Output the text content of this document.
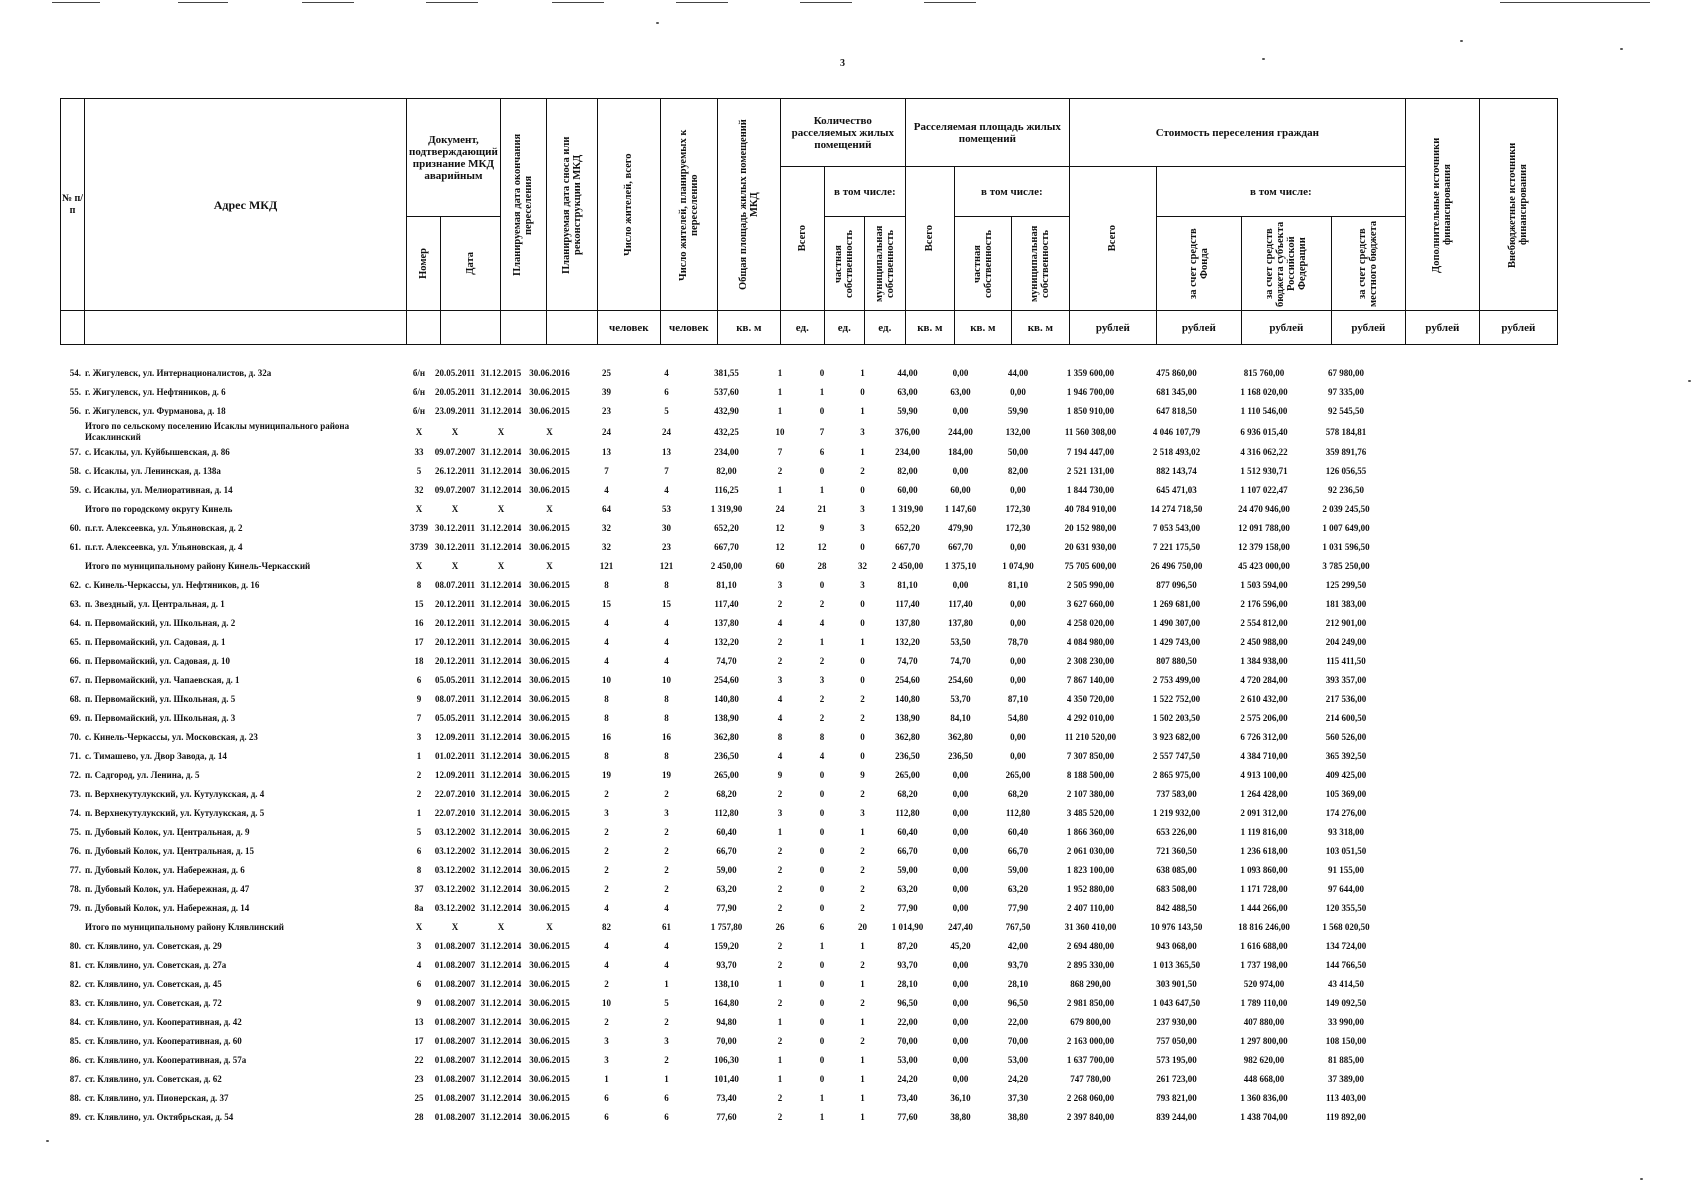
3
№ п/п	Адрес МКД	Документ, подтверждающий признание МКД аварийным		Планируемая дата окончания переселения	Планируемая дата сноса или реконструкции МКД	Число жителей, всего	Число жителей, планируемых к переселению	Общая площадь жилых помещений МКД	Количество расселяемых жилых помещений			Расселяемая площадь жилых помещений			Стоимость переселения граждан				Дополнительные источники финансирования	Внебюджетные источники финансирования

									Всего	в том числе:		Всего	в том числе:		Всего	в том числе:				

		Номер	Дата							частная собственность	муниципальная собственность		частная собственность	муниципальная собственность		за счет средств Фонда	за счет средств бюджета субъекта Российской Федерации	за счет средств местного бюджета		

						человек	человек	кв. м	ед.	ед.	ед.	кв. м	кв. м	кв. м	рублей	рублей	рублей	рублей	рублей	рублей
54.	г. Жигулевск, ул. Интернационалистов, д. 32а	б/н	20.05.2011	31.12.2015	30.06.2016	25	4	381,55	1	0	1	44,00	0,00	44,00	1 359 600,00	475 860,00	815 760,00	67 980,00		
55.	г. Жигулевск, ул. Нефтяников, д. 6	б/н	20.05.2011	31.12.2014	30.06.2015	39	6	537,60	1	1	0	63,00	63,00	0,00	1 946 700,00	681 345,00	1 168 020,00	97 335,00		
56.	г. Жигулевск, ул. Фурманова, д. 18	б/н	23.09.2011	31.12.2014	30.06.2015	23	5	432,90	1	0	1	59,90	0,00	59,90	1 850 910,00	647 818,50	1 110 546,00	92 545,50		
	Итого по сельскому поселению Исаклы муниципального района Исаклинский	X	X	X	X	24	24	432,25	10	7	3	376,00	244,00	132,00	11 560 308,00	4 046 107,79	6 936 015,40	578 184,81		
57.	с. Исаклы, ул. Куйбышевская, д. 86	33	09.07.2007	31.12.2014	30.06.2015	13	13	234,00	7	6	1	234,00	184,00	50,00	7 194 447,00	2 518 493,02	4 316 062,22	359 891,76		
58.	с. Исаклы, ул. Ленинская, д. 138а	5	26.12.2011	31.12.2014	30.06.2015	7	7	82,00	2	0	2	82,00	0,00	82,00	2 521 131,00	882 143,74	1 512 930,71	126 056,55		
59.	с. Исаклы, ул. Мелиоративная, д. 14	32	09.07.2007	31.12.2014	30.06.2015	4	4	116,25	1	1	0	60,00	60,00	0,00	1 844 730,00	645 471,03	1 107 022,47	92 236,50		
	Итого по городскому округу Кинель	X	X	X	X	64	53	1 319,90	24	21	3	1 319,90	1 147,60	172,30	40 784 910,00	14 274 718,50	24 470 946,00	2 039 245,50		
60.	п.г.т. Алексеевка, ул. Ульяновская, д. 2	3739	30.12.2011	31.12.2014	30.06.2015	32	30	652,20	12	9	3	652,20	479,90	172,30	20 152 980,00	7 053 543,00	12 091 788,00	1 007 649,00		
61.	п.г.т. Алексеевка, ул. Ульяновская, д. 4	3739	30.12.2011	31.12.2014	30.06.2015	32	23	667,70	12	12	0	667,70	667,70	0,00	20 631 930,00	7 221 175,50	12 379 158,00	1 031 596,50		
	Итого по муниципальному району Кинель-Черкасский	X	X	X	X	121	121	2 450,00	60	28	32	2 450,00	1 375,10	1 074,90	75 705 600,00	26 496 750,00	45 423 000,00	3 785 250,00		
62.	с. Кинель-Черкассы, ул. Нефтяников, д. 16	8	08.07.2011	31.12.2014	30.06.2015	8	8	81,10	3	0	3	81,10	0,00	81,10	2 505 990,00	877 096,50	1 503 594,00	125 299,50		
63.	п. Звездный, ул. Центральная, д. 1	15	20.12.2011	31.12.2014	30.06.2015	15	15	117,40	2	2	0	117,40	117,40	0,00	3 627 660,00	1 269 681,00	2 176 596,00	181 383,00		
64.	п. Первомайский, ул. Школьная, д. 2	16	20.12.2011	31.12.2014	30.06.2015	4	4	137,80	4	4	0	137,80	137,80	0,00	4 258 020,00	1 490 307,00	2 554 812,00	212 901,00		
65.	п. Первомайский, ул. Садовая, д. 1	17	20.12.2011	31.12.2014	30.06.2015	4	4	132,20	2	1	1	132,20	53,50	78,70	4 084 980,00	1 429 743,00	2 450 988,00	204 249,00		
66.	п. Первомайский, ул. Садовая, д. 10	18	20.12.2011	31.12.2014	30.06.2015	4	4	74,70	2	2	0	74,70	74,70	0,00	2 308 230,00	807 880,50	1 384 938,00	115 411,50		
67.	п. Первомайский, ул. Чапаевская, д. 1	6	05.05.2011	31.12.2014	30.06.2015	10	10	254,60	3	3	0	254,60	254,60	0,00	7 867 140,00	2 753 499,00	4 720 284,00	393 357,00		
68.	п. Первомайский, ул. Школьная, д. 5	9	08.07.2011	31.12.2014	30.06.2015	8	8	140,80	4	2	2	140,80	53,70	87,10	4 350 720,00	1 522 752,00	2 610 432,00	217 536,00		
69.	п. Первомайский, ул. Школьная, д. 3	7	05.05.2011	31.12.2014	30.06.2015	8	8	138,90	4	2	2	138,90	84,10	54,80	4 292 010,00	1 502 203,50	2 575 206,00	214 600,50		
70.	с. Кинель-Черкассы, ул. Московская, д. 23	3	12.09.2011	31.12.2014	30.06.2015	16	16	362,80	8	8	0	362,80	362,80	0,00	11 210 520,00	3 923 682,00	6 726 312,00	560 526,00		
71.	с. Тимашево, ул. Двор Завода, д. 14	1	01.02.2011	31.12.2014	30.06.2015	8	8	236,50	4	4	0	236,50	236,50	0,00	7 307 850,00	2 557 747,50	4 384 710,00	365 392,50		
72.	п. Садгород, ул. Ленина, д. 5	2	12.09.2011	31.12.2014	30.06.2015	19	19	265,00	9	0	9	265,00	0,00	265,00	8 188 500,00	2 865 975,00	4 913 100,00	409 425,00		
73.	п. Верхнекутулукский, ул. Кутулукская, д. 4	2	22.07.2010	31.12.2014	30.06.2015	2	2	68,20	2	0	2	68,20	0,00	68,20	2 107 380,00	737 583,00	1 264 428,00	105 369,00		
74.	п. Верхнекутулукский, ул. Кутулукская, д. 5	1	22.07.2010	31.12.2014	30.06.2015	3	3	112,80	3	0	3	112,80	0,00	112,80	3 485 520,00	1 219 932,00	2 091 312,00	174 276,00		
75.	п. Дубовый Колок, ул. Центральная, д. 9	5	03.12.2002	31.12.2014	30.06.2015	2	2	60,40	1	0	1	60,40	0,00	60,40	1 866 360,00	653 226,00	1 119 816,00	93 318,00		
76.	п. Дубовый Колок, ул. Центральная, д. 15	6	03.12.2002	31.12.2014	30.06.2015	2	2	66,70	2	0	2	66,70	0,00	66,70	2 061 030,00	721 360,50	1 236 618,00	103 051,50		
77.	п. Дубовый Колок, ул. Набережная, д. 6	8	03.12.2002	31.12.2014	30.06.2015	2	2	59,00	2	0	2	59,00	0,00	59,00	1 823 100,00	638 085,00	1 093 860,00	91 155,00		
78.	п. Дубовый Колок, ул. Набережная, д. 47	37	03.12.2002	31.12.2014	30.06.2015	2	2	63,20	2	0	2	63,20	0,00	63,20	1 952 880,00	683 508,00	1 171 728,00	97 644,00		
79.	п. Дубовый Колок, ул. Набережная, д. 14	8а	03.12.2002	31.12.2014	30.06.2015	4	4	77,90	2	0	2	77,90	0,00	77,90	2 407 110,00	842 488,50	1 444 266,00	120 355,50		
	Итого по муниципальному району Клявлинский	X	X	X	X	82	61	1 757,80	26	6	20	1 014,90	247,40	767,50	31 360 410,00	10 976 143,50	18 816 246,00	1 568 020,50		
80.	ст. Клявлино, ул. Советская, д. 29	3	01.08.2007	31.12.2014	30.06.2015	4	4	159,20	2	1	1	87,20	45,20	42,00	2 694 480,00	943 068,00	1 616 688,00	134 724,00		
81.	ст. Клявлино, ул. Советская, д. 27а	4	01.08.2007	31.12.2014	30.06.2015	4	4	93,70	2	0	2	93,70	0,00	93,70	2 895 330,00	1 013 365,50	1 737 198,00	144 766,50		
82.	ст. Клявлино, ул. Советская, д. 45	6	01.08.2007	31.12.2014	30.06.2015	2	1	138,10	1	0	1	28,10	0,00	28,10	868 290,00	303 901,50	520 974,00	43 414,50		
83.	ст. Клявлино, ул. Советская, д. 72	9	01.08.2007	31.12.2014	30.06.2015	10	5	164,80	2	0	2	96,50	0,00	96,50	2 981 850,00	1 043 647,50	1 789 110,00	149 092,50		
84.	ст. Клявлино, ул. Кооперативная, д. 42	13	01.08.2007	31.12.2014	30.06.2015	2	2	94,80	1	0	1	22,00	0,00	22,00	679 800,00	237 930,00	407 880,00	33 990,00		
85.	ст. Клявлино, ул. Кооперативная, д. 60	17	01.08.2007	31.12.2014	30.06.2015	3	3	70,00	2	0	2	70,00	0,00	70,00	2 163 000,00	757 050,00	1 297 800,00	108 150,00		
86.	ст. Клявлино, ул. Кооперативная, д. 57а	22	01.08.2007	31.12.2014	30.06.2015	3	2	106,30	1	0	1	53,00	0,00	53,00	1 637 700,00	573 195,00	982 620,00	81 885,00		
87.	ст. Клявлино, ул. Советская, д. 62	23	01.08.2007	31.12.2014	30.06.2015	1	1	101,40	1	0	1	24,20	0,00	24,20	747 780,00	261 723,00	448 668,00	37 389,00		
88.	ст. Клявлино, ул. Пионерская, д. 37	25	01.08.2007	31.12.2014	30.06.2015	6	6	73,40	2	1	1	73,40	36,10	37,30	2 268 060,00	793 821,00	1 360 836,00	113 403,00		
89.	ст. Клявлино, ул. Октябрьская, д. 54	28	01.08.2007	31.12.2014	30.06.2015	6	6	77,60	2	1	1	77,60	38,80	38,80	2 397 840,00	839 244,00	1 438 704,00	119 892,00		
